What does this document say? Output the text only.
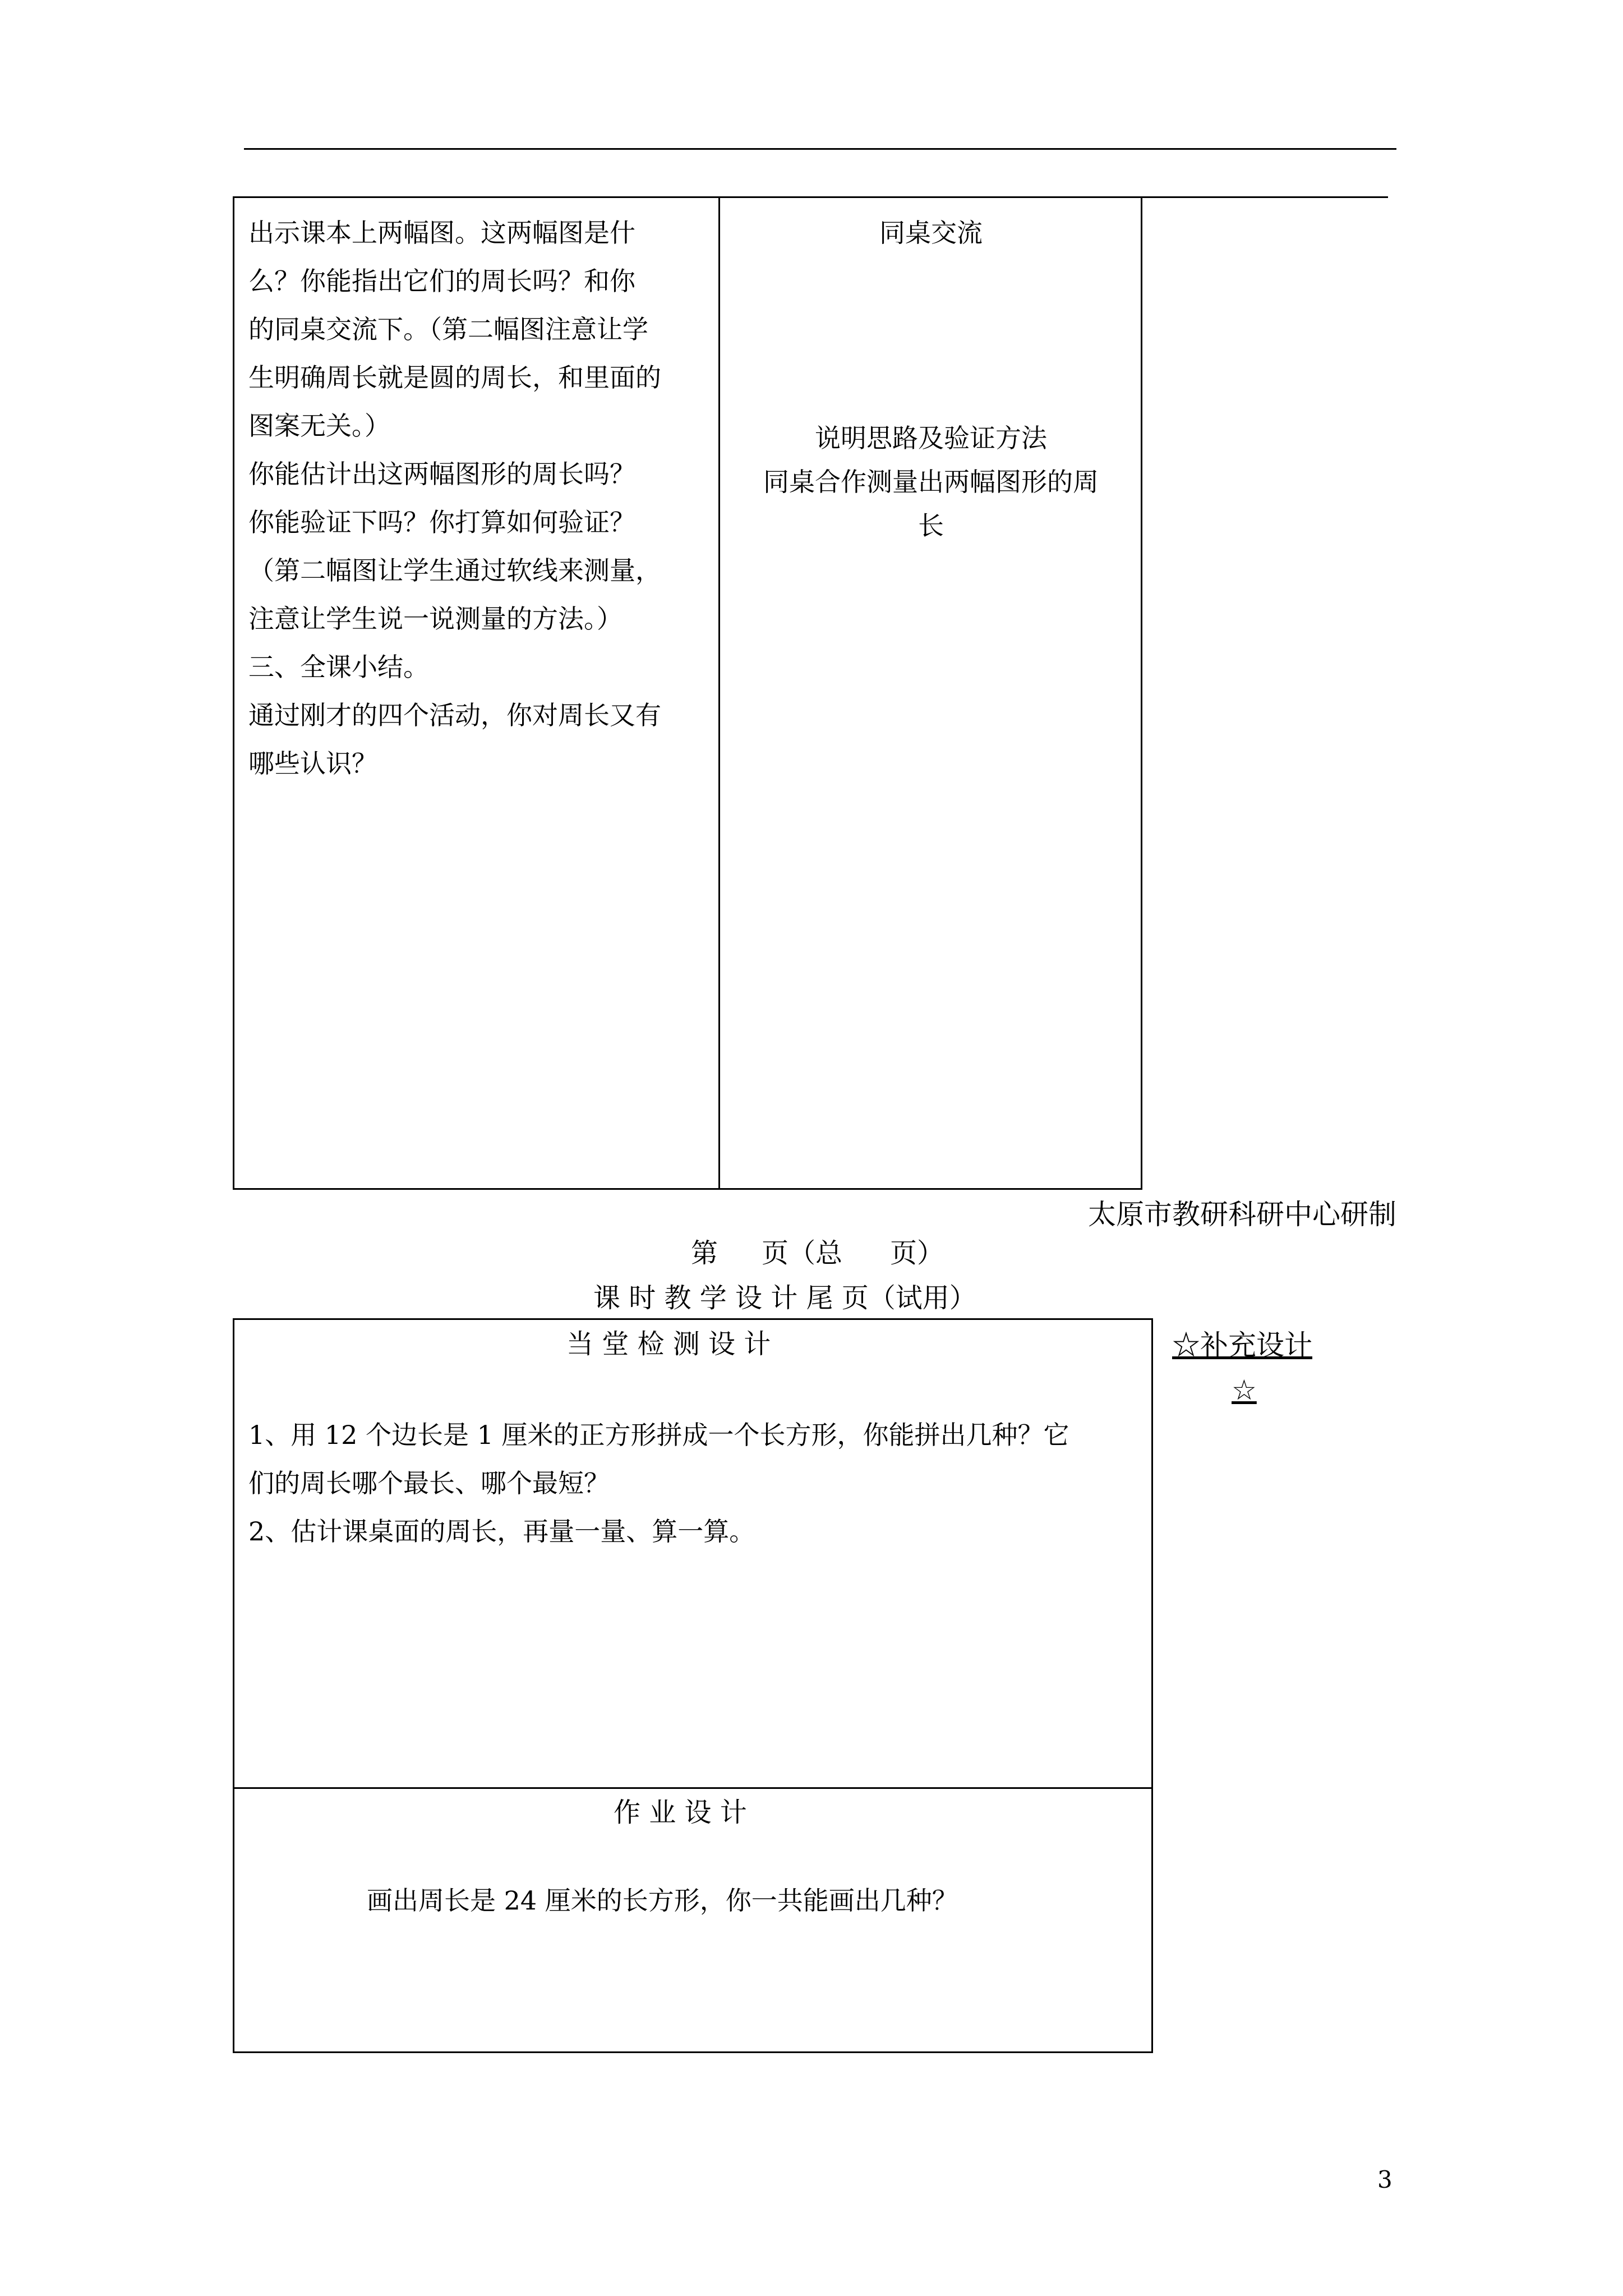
出示课本上两幅图。这两幅图是什

么？你能指出它们的周长吗？和你

的同桌交流下。（第二幅图注意让学

生明确周长就是圆的周长，和里面的

图案无关。）

你能估计出这两幅图形的周长吗？

你能验证下吗？你打算如何验证？

（第二幅图让学生通过软线来测量，

注意让学生说一说测量的方法。）

三、全课小结。

通过刚才的四个活动，你对周长又有

哪些认识？

同桌交流

说明思路及验证方法

同桌合作测量出两幅图形的周

长

太原市教研科研中心研制
第 页（总 页）
课 时 教 学 设 计 尾 页（试用）
当 堂 检 测 设 计

1、用 12 个边长是 1 厘米的正方形拼成一个长方形，你能拼出几种？它

们的周长哪个最长、哪个最短？

2、估计课桌面的周长，再量一量、算一算。

作 业 设 计
画出周长是 24 厘米的长方形，你一共能画出几种？
☆补充设计
☆
3
